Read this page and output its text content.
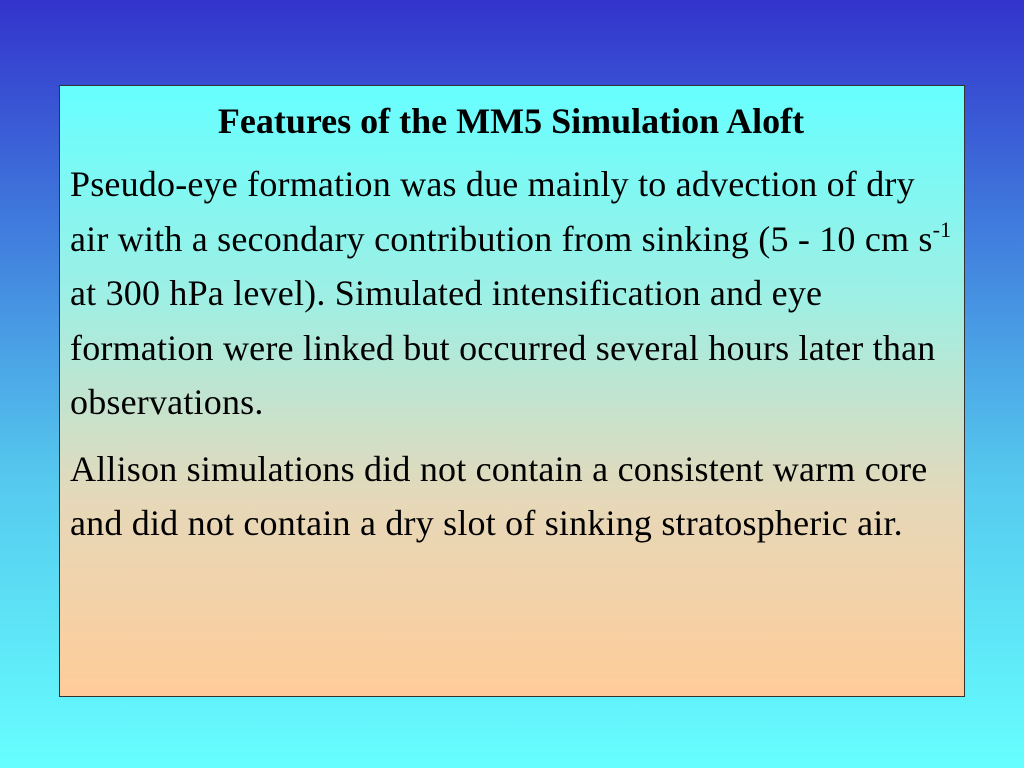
Features of the MM5 Simulation Aloft

Pseudo-eye formation was due mainly to advection of dry air with a secondary contribution from sinking (5 - 10 cm $s^{-1}$ at 300 hPa level). Simulated intensification and eye formation were linked but occurred several hours later than observations.

Allison simulations did not contain a consistent warm core and did not contain a dry slot of sinking stratospheric air.
